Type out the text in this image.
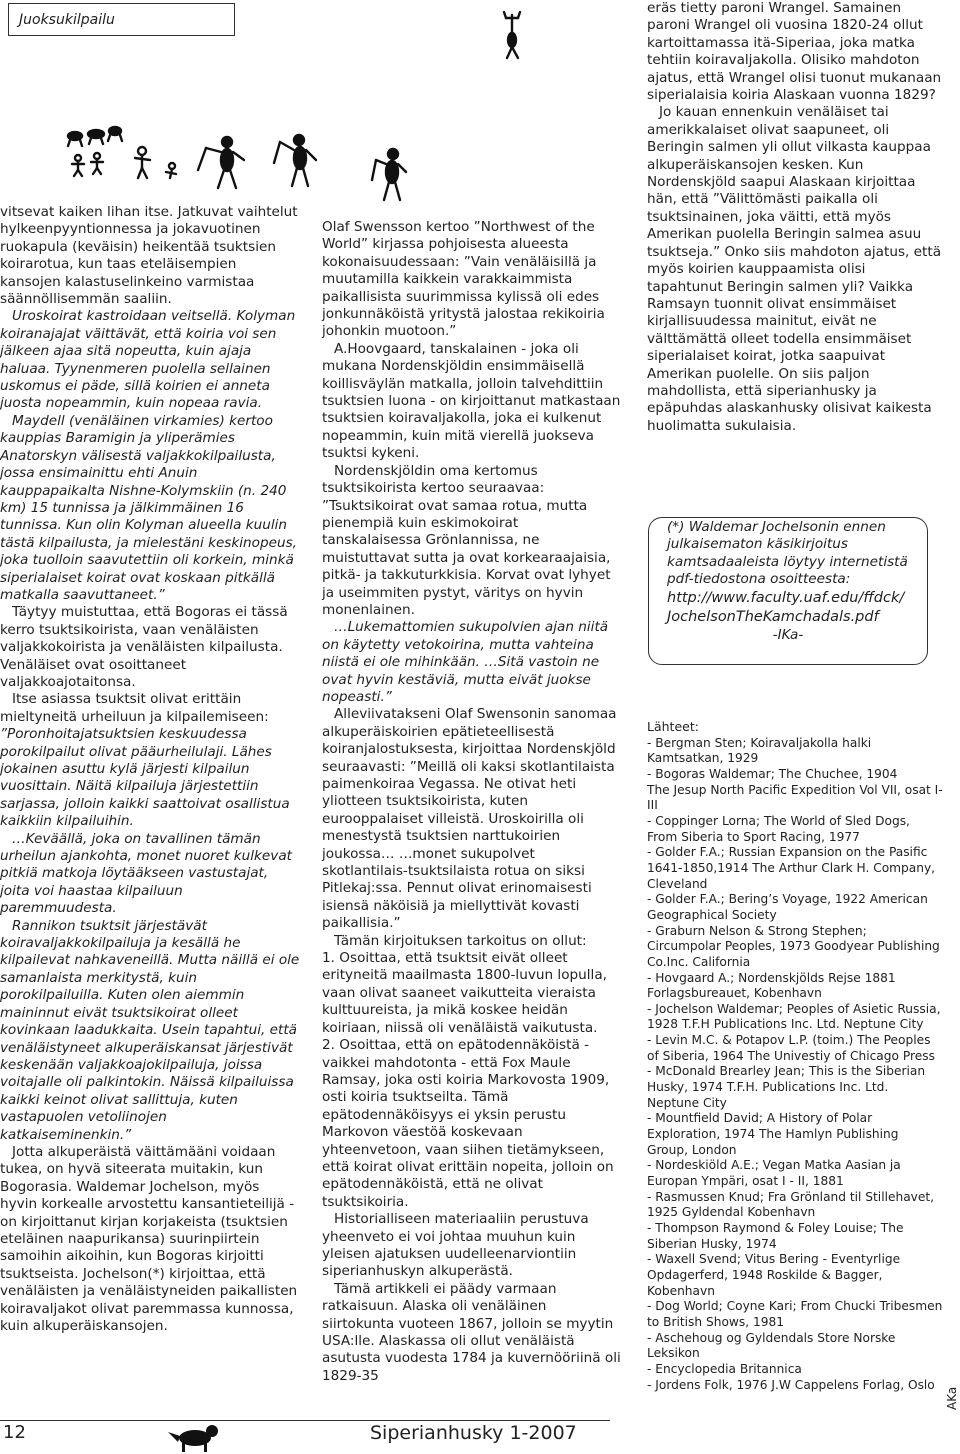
Juoksukilpailu

vitsevat kaiken lihan itse. Jatkuvat vaihtelut hylkeenpyyntionnessa ja jokavuotinen ruokapula (keväisin) heikentää tsuktsien koirarotua, kun taas eteläisempien kansojen kalastuselinkeino varmistaa säännöllisemmän saaliin.

Uroskoirat kastroidaan veitsellä. Kolyman koiranajajat väittävät, että koiria voi sen jälkeen ajaa sitä nopeutta, kuin ajaja haluaa. Tyynenmeren puolella sellainen uskomus ei päde, sillä koirien ei anneta juosta nopeammin, kuin nopeaa ravia.

Maydell (venäläinen virkamies) kertoo kauppias Baramigin ja yliperämies Anatorskyn välisestä valjakkokilpailusta, jossa ensimainittu ehti Anuin kauppapaikalta Nishne-Kolymskiin (n. 240 km) 15 tunnissa ja jälkimmäinen 16 tunnissa. Kun olin Kolyman alueella kuulin tästä kilpailusta, ja mielestäni keskinopeus, joka tuolloin saavutettiin oli korkein, minkä siperialaiset koirat ovat koskaan pitkällä matkalla saavuttaneet.”

Täytyy muistuttaa, että Bogoras ei tässä kerro tsuktsikoirista, vaan venäläisten valjakkokoirista ja venäläisten kilpailusta. Venäläiset ovat osoittaneet valjakkoajotaitonsa.

Itse asiassa tsuktsit olivat erittäin mieltyneitä urheiluun ja kilpailemiseen:

”Poronhoitajatsuktsien keskuudessa porokilpailut olivat pääurheilulaji. Lähes jokainen asuttu kylä järjesti kilpailun vuosittain. Näitä kilpailuja järjestettiin sarjassa, jolloin kaikki saattoivat osallistua kaikkiin kilpailuihin.

…Keväällä, joka on tavallinen tämän urheilun ajankohta, monet nuoret kulkevat pitkiä matkoja löytääkseen vastustajat, joita voi haastaa kilpailuun paremmuudesta.

Rannikon tsuktsit järjestävät koiravaljakkokilpailuja ja kesällä he kilpailevat nahkaveneillä. Mutta näillä ei ole samanlaista merkitystä, kuin porokilpailuilla. Kuten olen aiemmin maininnut eivät tsuktsikoirat olleet kovinkaan laadukkaita. Usein tapahtui, että venäläistyneet alkuperäiskansat järjestivät keskenään valjakkoajokilpailuja, joissa voitajalle oli palkintokin. Näissä kilpailuissa kaikki keinot olivat sallittuja, kuten vastapuolen vetoliinojen katkaiseminenkin.”

Jotta alkuperäistä väittämääni voidaan tukea, on hyvä siteerata muitakin, kun Bogorasia. Waldemar Jochelson, myös hyvin korkealle arvostettu kansantieteilijä - on kirjoittanut kirjan korjakeista (tsuktsien eteläinen naapurikansa) suurinpiirtein samoihin aikoihin, kun Bogoras kirjoitti tsuktseista. Jochelson(*) kirjoittaa, että venäläisten ja venäläistyneiden paikallisten koiravaljakot olivat paremmassa kunnossa, kuin alkuperäiskansojen.

Olaf Swensson kertoo ”Northwest of the World” kirjassa pohjoisesta alueesta kokonaisuudessaan: ”Vain venäläisillä ja muutamilla kaikkein varakkaimmista paikallisista suurimmissa kylissä oli edes jonkunnäköistä yritystä jalostaa rekikoiria johonkin muotoon.”

A.Hoovgaard, tanskalainen - joka oli mukana Nordenskjöldin ensimmäisellä koillisväylän matkalla, jolloin talvehdittiin tsuktsien luona - on kirjoittanut matkastaan tsuktsien koiravaljakolla, joka ei kulkenut nopeammin, kuin mitä vierellä juokseva tsuktsi kykeni.

Nordenskjöldin oma kertomus tsuktsikoirista kertoo seuraavaa: ”Tsuktsikoirat ovat samaa rotua, mutta pienempiä kuin eskimokoirat tanskalaisessa Grönlannissa, ne muistuttavat sutta ja ovat korkearaajaisia, pitkä- ja takkuturkkisia. Korvat ovat lyhyet ja useimmiten pystyt, väritys on hyvin monenlainen.

…Lukemattomien sukupolvien ajan niitä on käytetty vetokoirina, mutta vahteina niistä ei ole mihinkään. …Sitä vastoin ne ovat hyvin kestäviä, mutta eivät juokse nopeasti.”

Alleviivatakseni Olaf Swensonin sanomaa alkuperäiskoirien epätieteellisestä koiranjalostuksesta, kirjoittaa Nordenskjöld seuraavasti: ”Meillä oli kaksi skotlantilaista paimenkoiraa Vegassa. Ne otivat heti yliotteen tsuktsikoirista, kuten eurooppalaiset villeistä. Uroskoirilla oli menestystä tsuktsien narttukoirien joukossa… …monet sukupolvet skotlantilais-tsuktsilaista rotua on siksi Pitlekaj:ssa. Pennut olivat erinomaisesti isiensä näköisiä ja miellyttivät kovasti paikallisia.”

Tämän kirjoituksen tarkoitus on ollut:

1. Osoittaa, että tsuktsit eivät olleet erityneitä maailmasta 1800-luvun lopulla, vaan olivat saaneet vaikutteita vieraista kulttuureista, ja mikä koskee heidän koiriaan, niissä oli venäläistä vaikutusta.

2. Osoittaa, että on epätodennäköistä - vaikkei mahdotonta - että Fox Maule Ramsay, joka osti koiria Markovosta 1909, osti koiria tsuktseilta. Tämä epätodennäköisyys ei yksin perustu Markovon väestöä koskevaan yhteenvetoon, vaan siihen tietämykseen, että koirat olivat erittäin nopeita, jolloin on epätodennäköistä, että ne olivat tsuktsikoiria.

Historialliseen materiaaliin perustuva yheenveto ei voi johtaa muuhun kuin yleisen ajatuksen uudelleenarviontiin siperianhuskyn alkuperästä.

Tämä artikkeli ei päädy varmaan ratkaisuun. Alaska oli venäläinen siirtokunta vuoteen 1867, jolloin se myytin USA:lle. Alaskassa oli ollut venäläistä asutusta vuodesta 1784 ja kuvernööriinä oli 1829-35

eräs tietty paroni Wrangel. Samainen paroni Wrangel oli vuosina 1820-24 ollut kartoittamassa itä-Siperiaa, joka matka tehtiin koiravaljakolla. Olisiko mahdoton ajatus, että Wrangel olisi tuonut mukanaan siperialaisia koiria Alaskaan vuonna 1829?

Jo kauan ennenkuin venäläiset tai amerikkalaiset olivat saapuneet, oli Beringin salmen yli ollut vilkasta kauppaa alkuperäiskansojen kesken. Kun Nordenskjöld saapui Alaskaan kirjoittaa hän, että ”Välittömästi paikalla oli tsuktsinainen, joka väitti, että myös Amerikan puolella Beringin salmea asuu tsuktseja.” Onko siis mahdoton ajatus, että myös koirien kauppaamista olisi tapahtunut Beringin salmen yli? Vaikka Ramsayn tuonnit olivat ensimmäiset kirjallisuudessa mainitut, eivät ne välttämättä olleet todella ensimmäiset siperialaiset koirat, jotka saapuivat Amerikan puolelle. On siis paljon mahdollista, että siperianhusky ja epäpuhdas alaskanhusky olisivat kaikesta huolimatta sukulaisia.

(*) Waldemar Jochelsonin ennen julkaisematon käsikirjoitus kamtsadaaleista löytyy internetistä pdf-tiedostona osoitteesta:

http://www.faculty.uaf.edu/ffdck/ JochelsonTheKamchadals.pdf

-IKa-

Lähteet:

- Bergman Sten; Koiravaljakolla halki Kamtsatkan, 1929

- Bogoras Waldemar; The Chuchee, 1904

The Jesup North Pacific Expedition Vol VII, osat I-III

- Coppinger Lorna; The World of Sled Dogs, From Siberia to Sport Racing, 1977

- Golder F.A.; Russian Expansion on the Pasific 1641-1850,1914 The Arthur Clark H. Company, Cleveland

- Golder F.A.; Bering’s Voyage, 1922 American Geographical Society

- Graburn Nelson & Strong Stephen; Circumpolar Peoples, 1973 Goodyear Publishing Co.Inc. California

- Hovgaard A.; Nordenskjölds Rejse 1881 Forlagsbureauet, Kobenhavn

- Jochelson Waldemar; Peoples of Asietic Russia, 1928 T.F.H Publications Inc. Ltd. Neptune City

- Levin M.C. & Potapov L.P. (toim.) The Peoples of Siberia, 1964 The Univestiy of Chicago Press

- McDonald Brearley Jean; This is the Siberian Husky, 1974 T.F.H. Publications Inc. Ltd. Neptune City

- Mountfield David; A History of Polar Exploration, 1974 The Hamlyn Publishing Group, London

- Nordeskiöld A.E.; Vegan Matka Aasian ja Europan Ympäri, osat I - II, 1881

- Rasmussen Knud; Fra Grönland til Stillehavet, 1925 Gyldendal Kobenhavn

- Thompson Raymond & Foley Louise; The Siberian Husky, 1974

- Waxell Svend; Vitus Bering - Eventyrlige Opdagerferd, 1948 Roskilde & Bagger, Kobenhavn

- Dog World; Coyne Kari; From Chucki Tribesmen to British Shows, 1981

- Aschehoug og Gyldendals Store Norske Leksikon

- Encyclopedia Britannica

- Jordens Folk, 1976 J.W Cappelens Forlag, Oslo

AKa
12	Siperianhusky 1-2007
